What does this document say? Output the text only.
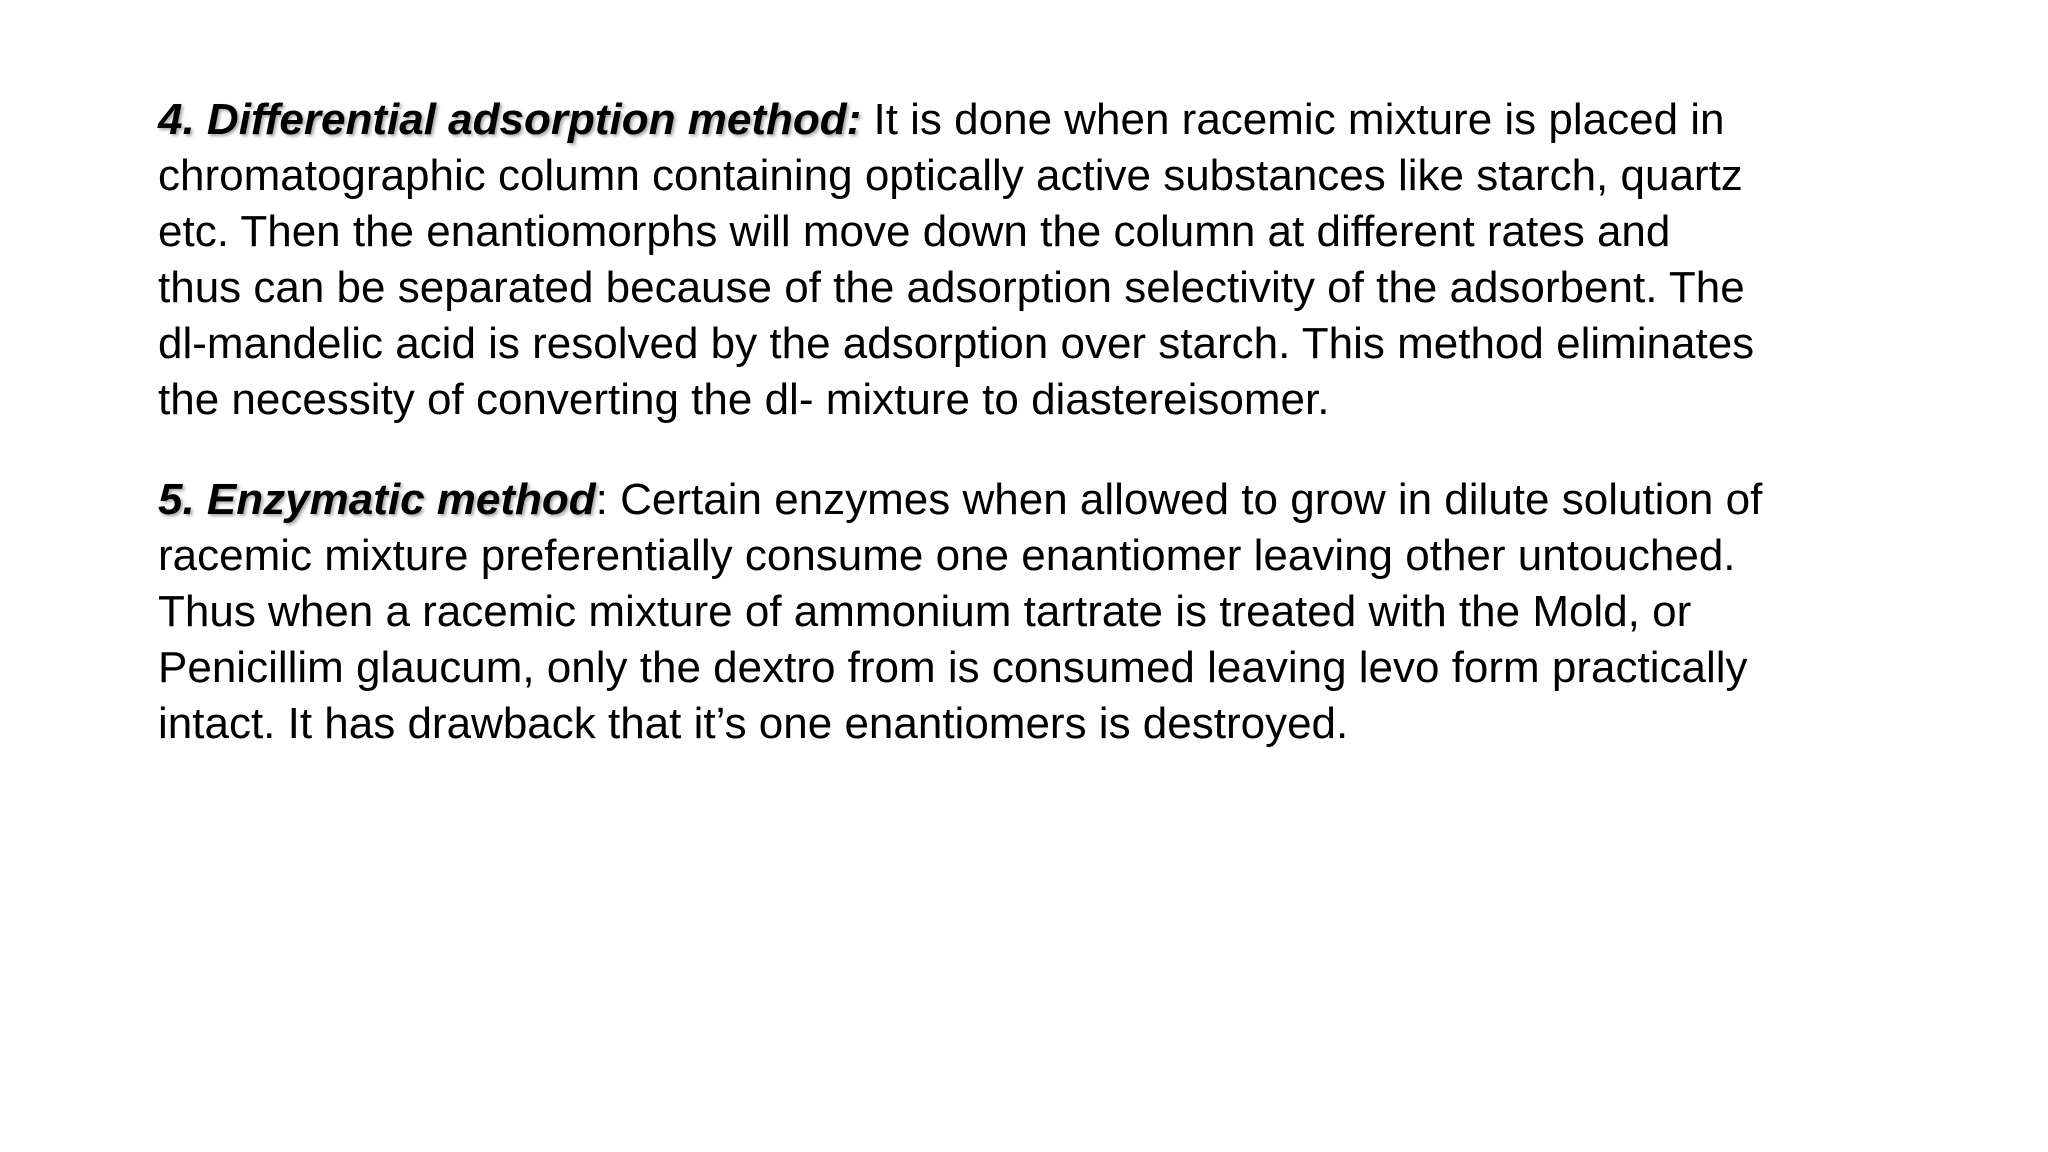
4. Differential adsorption method: It is done when racemic mixture is placed in
chromatographic column containing optically active substances like starch, quartz
etc. Then the enantiomorphs will move down the column at different rates and
thus can be separated because of the adsorption selectivity of the adsorbent. The
dl-mandelic acid is resolved by the adsorption over starch. This method eliminates
the necessity of converting the dl- mixture to diastereisomer.

5. Enzymatic method: Certain enzymes when allowed to grow in dilute solution of
racemic mixture preferentially consume one enantiomer leaving other untouched.
Thus when a racemic mixture of ammonium tartrate is treated with the Mold, or
Penicillim glaucum, only the dextro from is consumed leaving levo form practically
intact. It has drawback that it’s one enantiomers is destroyed.
